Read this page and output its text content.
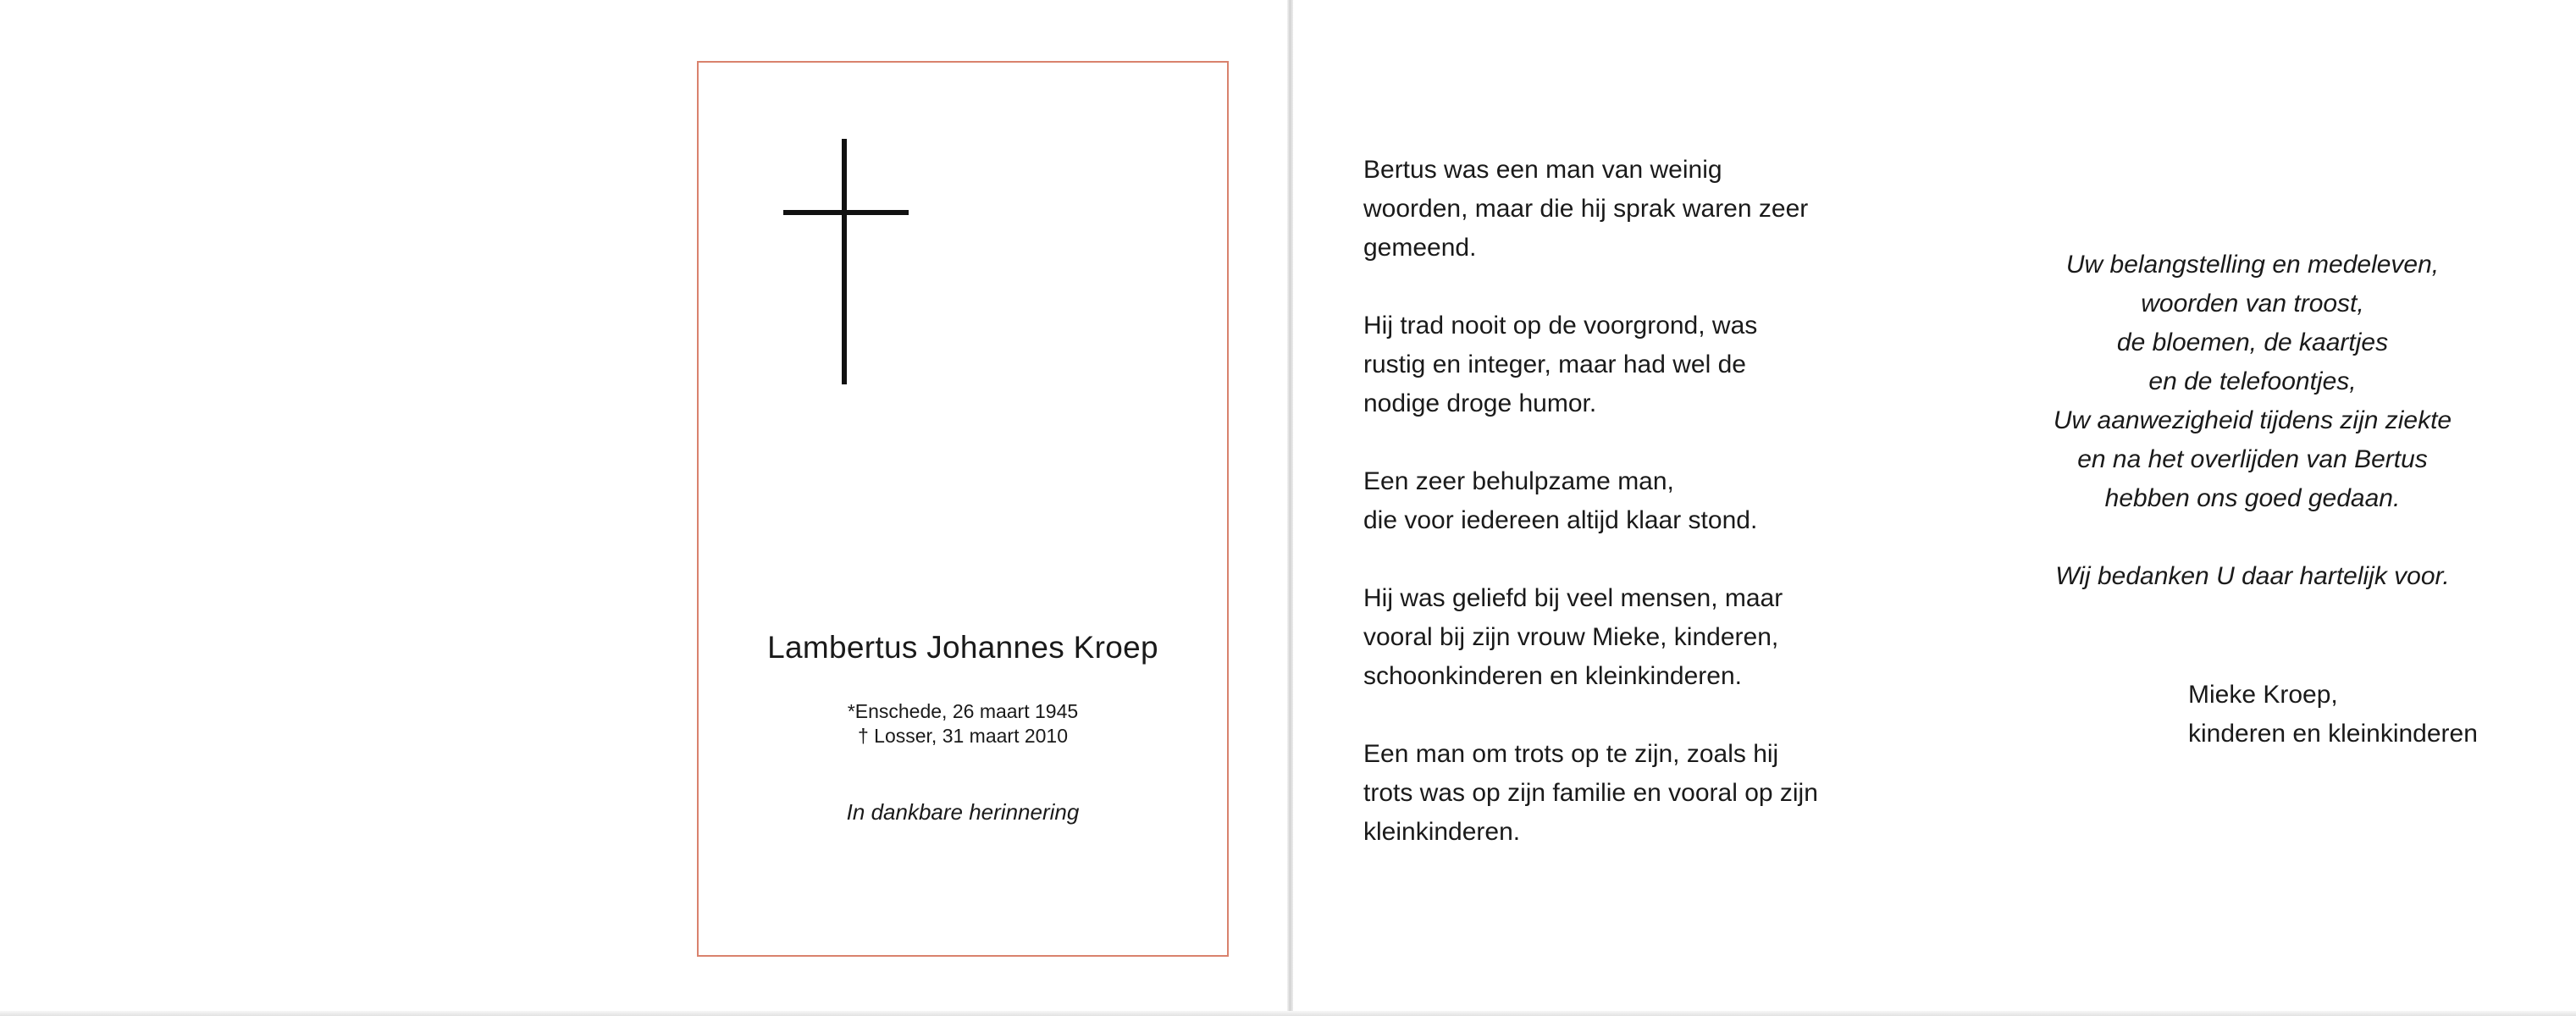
Lambertus Johannes Kroep
*Enschede, 26 maart 1945
† Losser, 31 maart 2010
In dankbare herinnering

Bertus was een man van weinig
woorden, maar die hij sprak waren zeer
gemeend.

Hij trad nooit op de voorgrond, was
rustig en integer, maar had wel de
nodige droge humor.

Een zeer behulpzame man,
die voor iedereen altijd klaar stond.

Hij was geliefd bij veel mensen, maar
vooral bij zijn vrouw Mieke, kinderen,
schoonkinderen en kleinkinderen.

Een man om trots op te zijn, zoals hij
trots was op zijn familie en vooral op zijn
kleinkinderen.

Uw belangstelling en medeleven,
woorden van troost,
de bloemen, de kaartjes
en de telefoontjes,
Uw aanwezigheid tijdens zijn ziekte
en na het overlijden van Bertus
hebben ons goed gedaan.

Wij bedanken U daar hartelijk voor.

Mieke Kroep,
kinderen en kleinkinderen
